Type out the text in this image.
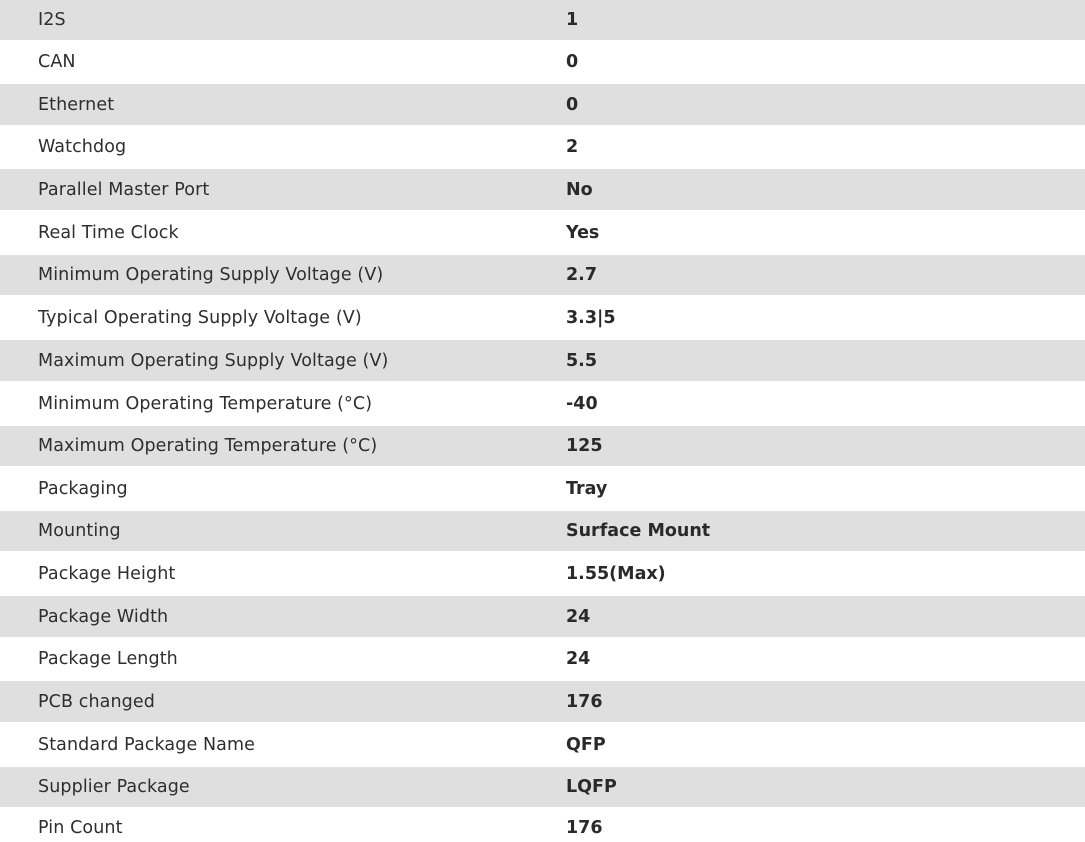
I2S	1
CAN	0
Ethernet	0
Watchdog	2
Parallel Master Port	No
Real Time Clock	Yes
Minimum Operating Supply Voltage (V)	2.7
Typical Operating Supply Voltage (V)	3.3|5
Maximum Operating Supply Voltage (V)	5.5
Minimum Operating Temperature (°C)	-40
Maximum Operating Temperature (°C)	125
Packaging	Tray
Mounting	Surface Mount
Package Height	1.55(Max)
Package Width	24
Package Length	24
PCB changed	176
Standard Package Name	QFP
Supplier Package	LQFP
Pin Count	176
